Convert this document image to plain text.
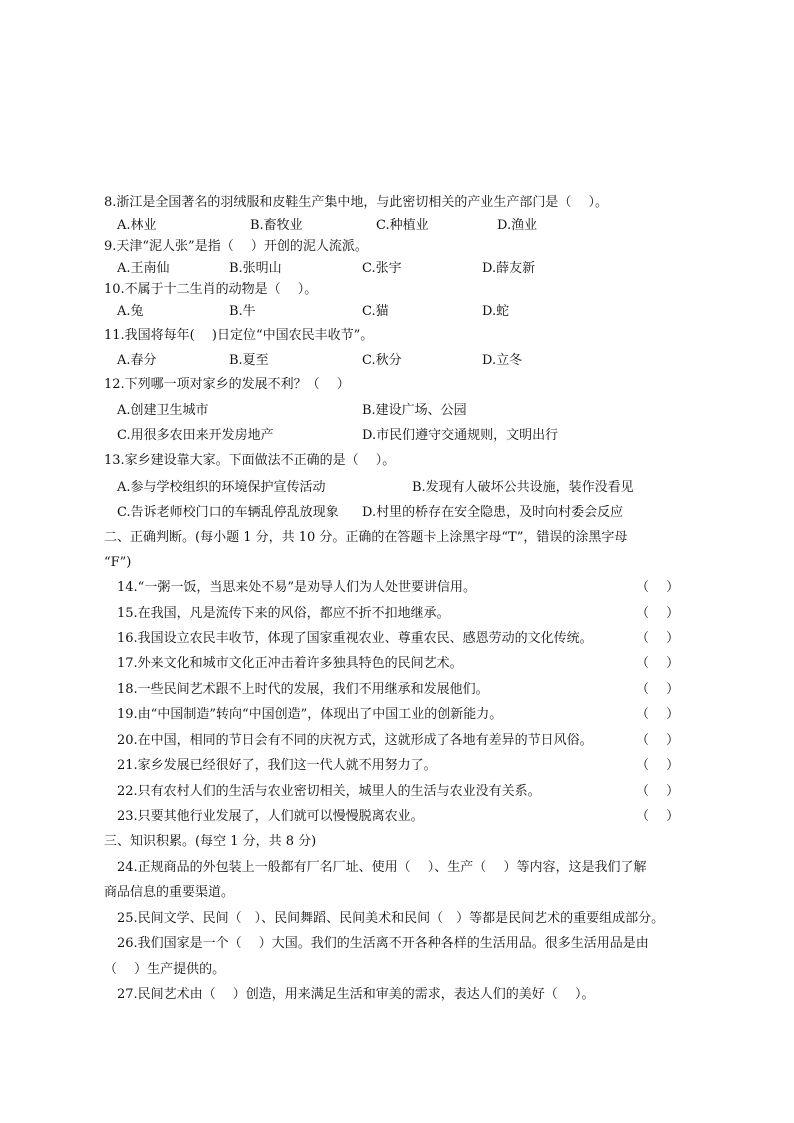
8.浙江是全国著名的羽绒服和皮鞋生产集中地，与此密切相关的产业生产部门是（　 ）。
A.林业	B.畜牧业	C.种植业	D.渔业
9.天津“泥人张”是指（　 ）开创的泥人流派。
A.王南仙	B.张明山	C.张宇	D.薛友新
10.不属于十二生肖的动物是（　 ）。
A.兔	B.牛	C.猫	D.蛇
11.我国将每年(　 )日定位“中国农民丰收节”。
A.春分	B.夏至	C.秋分	D.立冬
12.下列哪一项对家乡的发展不利？（　 ）
A.创建卫生城市	B.建设广场、公园
C.用很多农田来开发房地产	D.市民们遵守交通规则，文明出行
13.家乡建设靠大家。下面做法不正确的是（　 ）。
A.参与学校组织的环境保护宣传活动	B.发现有人破坏公共设施，装作没看见
C.告诉老师校门口的车辆乱停乱放现象 D.村里的桥存在安全隐患，及时向村委会反应
二、正确判断。(每小题 1 分，共 10 分。正确的在答题卡上涂黑字母“T”，错误的涂黑字母
“F”)
14.“一粥一饭，当思来处不易”是劝导人们为人处世要讲信用。	（　 ）
15.在我国，凡是流传下来的风俗，都应不折不扣地继承。	（　 ）
16.我国设立农民丰收节，体现了国家重视农业、尊重农民、感恩劳动的文化传统。	（　 ）
17.外来文化和城市文化正冲击着许多独具特色的民间艺术。	（　 ）
18.一些民间艺术跟不上时代的发展，我们不用继承和发展他们。	（　 ）
19.由“中国制造”转向“中国创造”，体现出了中国工业的创新能力。	（　 ）
20.在中国，相同的节日会有不同的庆祝方式，这就形成了各地有差异的节日风俗。	（　 ）
21.家乡发展已经很好了，我们这一代人就不用努力了。	（　 ）
22.只有农村人们的生活与农业密切相关，城里人的生活与农业没有关系。	（　 ）
23.只要其他行业发展了，人们就可以慢慢脱离农业。	（　 ）
三、知识积累。(每空 1 分，共 8 分)
24.正规商品的外包装上一般都有厂名厂址、使用（　 ）、生产（　 ）等内容，这是我们了解
商品信息的重要渠道。
25.民间文学、民间（　）、民间舞蹈、民间美术和民间（　）等都是民间艺术的重要组成部分。
26.我们国家是一个（　 ）大国。我们的生活离不开各种各样的生活用品。很多生活用品是由
（　 ）生产提供的。
27.民间艺术由（　 ）创造，用来满足生活和审美的需求，表达人们的美好（　 ）。
